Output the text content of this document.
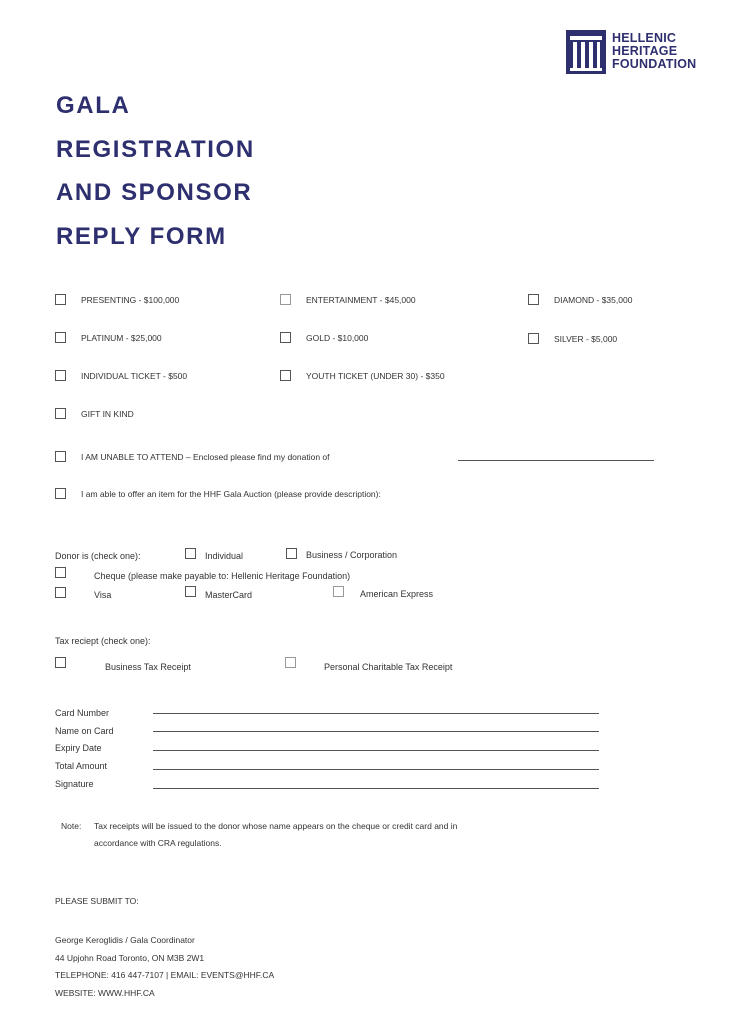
HELLENIC
HERITAGE
FOUNDATION
GALA
REGISTRATION
AND SPONSOR
REPLY FORM
PRESENTING - $100,000	ENTERTAINMENT - $45,000	DIAMOND - $35,000
PLATINUM - $25,000	GOLD - $10,000	SILVER - $5,000
INDIVIDUAL TICKET - $500	YOUTH TICKET (UNDER 30) - $350
GIFT IN KIND
I AM UNABLE TO ATTEND – Enclosed please find my donation of
I am able to offer an item for the HHF Gala Auction (please provide description):
Donor is (check one):	Individual	Business / Corporation
Cheque (please make payable to: Hellenic Heritage Foundation)
Visa	MasterCard	American Express
Tax reciept (check one):
Business Tax Receipt	Personal Charitable Tax Receipt
Card Number
Name on Card
Expiry Date
Total Amount
Signature
Note: Tax receipts will be issued to the donor whose name appears on the cheque or credit card and in
accordance with CRA regulations.
PLEASE SUBMIT TO:
George Keroglidis / Gala Coordinator
44 Upjohn Road Toronto, ON M3B 2W1
TELEPHONE: 416 447-7107 | EMAIL: EVENTS@HHF.CA
WEBSITE: WWW.HHF.CA
